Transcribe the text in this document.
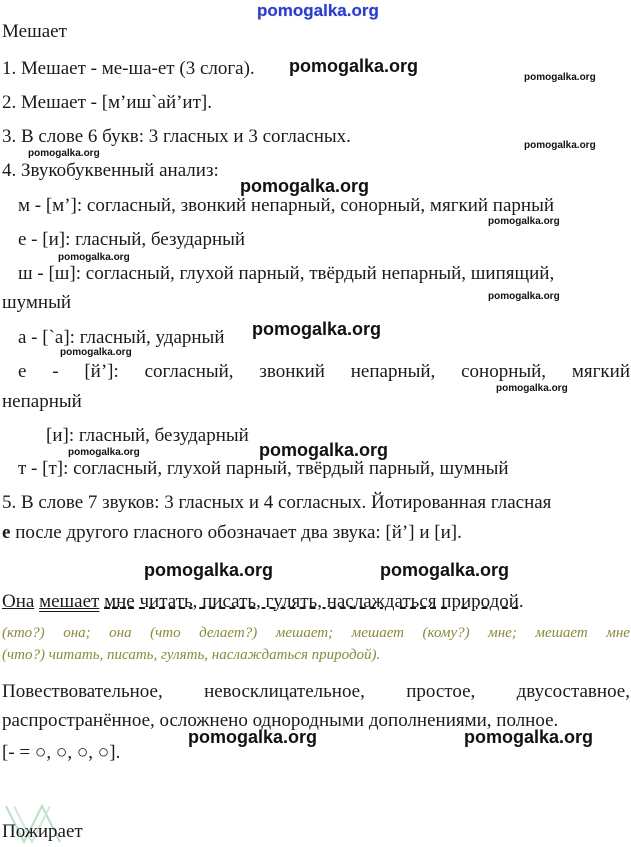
pomogalka.org
pomogalka.org
pomogalka.org
pomogalka.org
pomogalka.org
pomogalka.org
pomogalka.org
pomogalka.org
pomogalka.org
pomogalka.org
pomogalka.org
pomogalka.org
pomogalka.org
pomogalka.org
pomogalka.org	pomogalka.org
pomogalka.org	pomogalka.org
Мешает
1. Мешает - ме-ша-ет (3 слога).
2. Мешает - [м’иш`ай’ит].
3. В слове 6 букв: 3 гласных и 3 согласных.
4. Звукобуквенный анализ:
м - [м’]: согласный, звонкий непарный, сонорный, мягкий парный
е - [и]: гласный, безударный
ш - [ш]: согласный, глухой парный, твёрдый непарный, шипящий,
шумный
а - [`а]: гласный, ударный
е - [й’]: согласный, звонкий непарный, сонорный, мягкий
непарный
[и]: гласный, безударный
т - [т]: согласный, глухой парный, твёрдый парный, шумный
5. В слове 7 звуков: 3 гласных и 4 согласных. Йотированная гласная
е после другого гласного обозначает два звука: [й’] и [и].
Она мешает мне читать, писать, гулять, наслаждаться природой.
(кто?) она; она (что делает?) мешает; мешает (кому?) мне; мешает мне
(что?) читать, писать, гулять, наслаждаться природой).
Повествовательное, невосклицательное, простое, двусоставное,
распространённое, осложнено однородными дополнениями, полное.
[- = ○, ○, ○, ○].
Пожирает
